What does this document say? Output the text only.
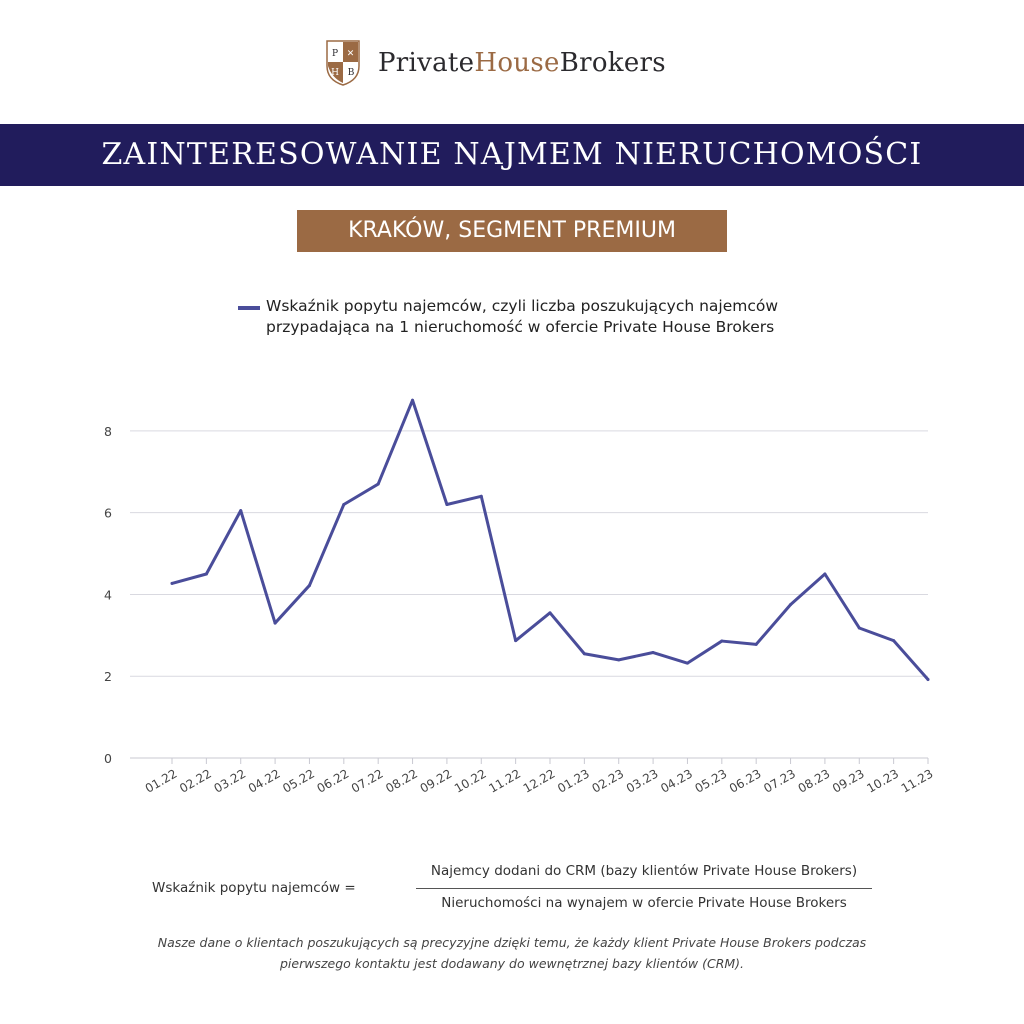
P ✕
H B PrivateHouseBrokers
ZAINTERESOWANIE NAJMEM NIERUCHOMOŚCI
KRAKÓW, SEGMENT PREMIUM
Wskaźnik popytu najemców, czyli liczba poszukujących najemców przypadająca na 1 nieruchomość w ofercie Private House Brokers
0
2
4
6
8
01.22
02.22
03.22
04.22
05.22
06.22
07.22
08.22
09.22
10.22
11.22
12.22
01.23
02.23
03.23
04.23
05.23
06.23
07.23
08.23
09.23
10.23
11.23
Wskaźnik popytu najemców =
Najemcy dodani do CRM (bazy klientów Private House Brokers)
Nieruchomości na wynajem w ofercie Private House Brokers
Nasze dane o klientach poszukujących są precyzyjne dzięki temu, że każdy klient Private House Brokers podczas pierwszego kontaktu jest dodawany do wewnętrznej bazy klientów (CRM).
